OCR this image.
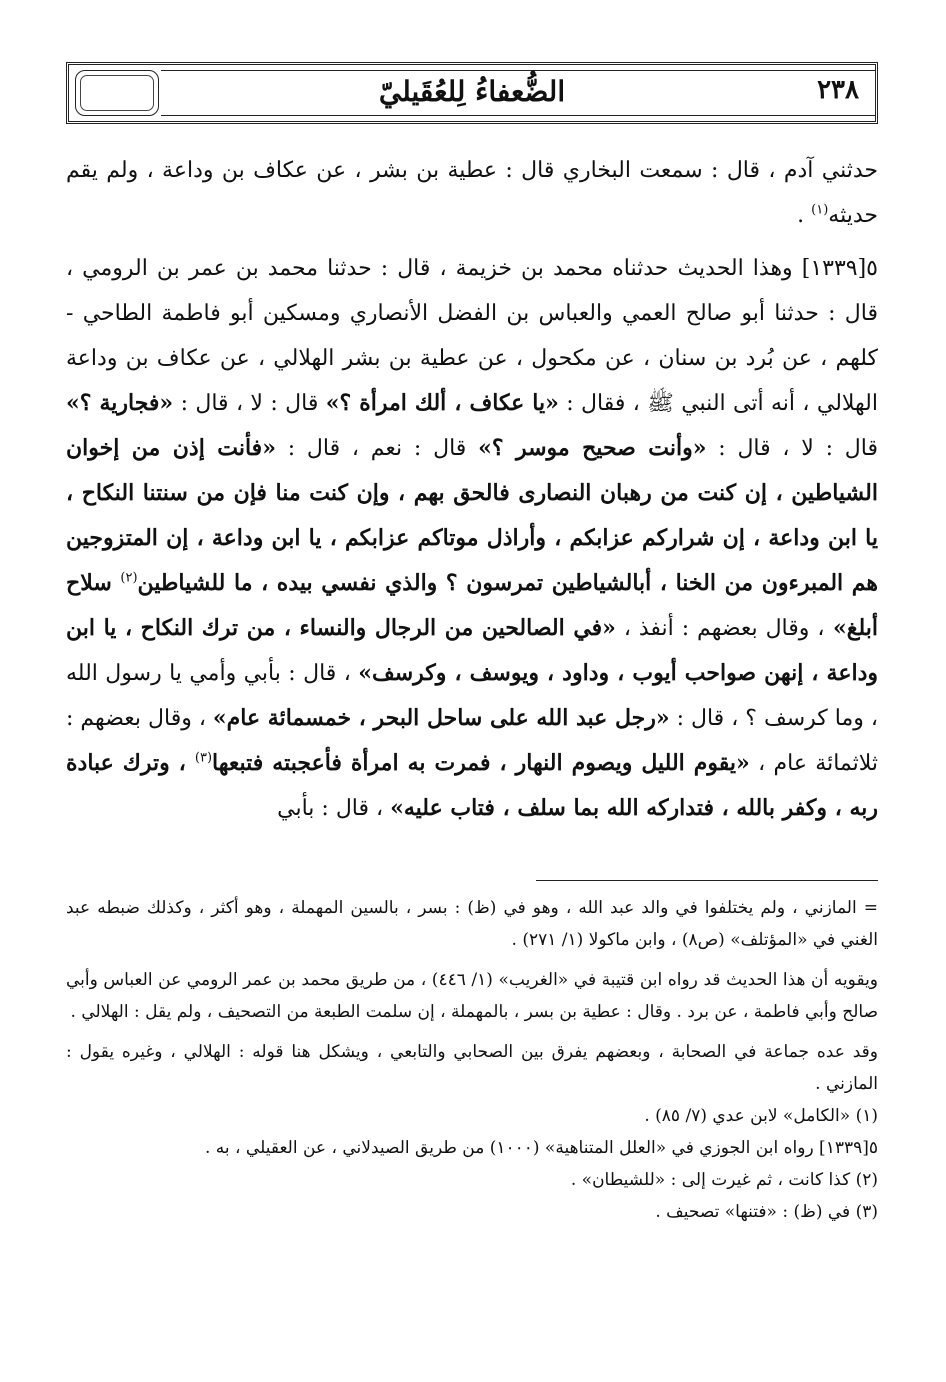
الضُّعفاءُ لِلعُقَيليّ	٢٣٨

حدثني آدم ، قال : سمعت البخاري قال : عطية بن بشر ، عن عكاف بن وداعة ، ولم يقم حديثه$^{(١)}$ .

٥[١٣٣٩] وهذا الحديث حدثناه محمد بن خزيمة ، قال : حدثنا محمد بن عمر بن الرومي ، قال : حدثنا أبو صالح العمي والعباس بن الفضل الأنصاري ومسكين أبو فاطمة الطاحي - كلهم ، عن بُرد بن سنان ، عن مكحول ، عن عطية بن بشر الهلالي ، عن عكاف بن وداعة الهلالي ، أنه أتى النبي ﷺ ، فقال : «يا عكاف ، ألك امرأة ؟» قال : لا ، قال : «فجارية ؟» قال : لا ، قال : «وأنت صحيح موسر ؟» قال : نعم ، قال : «فأنت إذن من إخوان الشياطين ، إن كنت من رهبان النصارى فالحق بهم ، وإن كنت منا فإن من سنتنا النكاح ، يا ابن وداعة ، إن شراركم عزابكم ، وأراذل موتاكم عزابكم ، يا ابن وداعة ، إن المتزوجين هم المبرءون من الخنا ، أبالشياطين تمرسون ؟ والذي نفسي بيده ، ما للشياطين$^{(٢)}$ سلاح أبلغ» ، وقال بعضهم : أنفذ ، «في الصالحين من الرجال والنساء ، من ترك النكاح ، يا ابن وداعة ، إنهن صواحب أيوب ، وداود ، ويوسف ، وكرسف» ، قال : بأبي وأمي يا رسول الله ، وما كرسف ؟ ، قال : «رجل عبد الله على ساحل البحر ، خمسمائة عام» ، وقال بعضهم : ثلاثمائة عام ، «يقوم الليل ويصوم النهار ، فمرت به امرأة فأعجبته فتبعها$^{(٣)}$ ، وترك عبادة ربه ، وكفر بالله ، فتداركه الله بما سلف ، فتاب عليه» ، قال : بأبي

= المازني ، ولم يختلفوا في والد عبد الله ، وهو في (ظ) : بسر ، بالسين المهملة ، وهو أكثر ، وكذلك ضبطه عبد الغني في «المؤتلف» (ص٨) ، وابن ماكولا (١/ ٢٧١) .

ويقويه أن هذا الحديث قد رواه ابن قتيبة في «الغريب» (١/ ٤٤٦) ، من طريق محمد بن عمر الرومي عن العباس وأبي صالح وأبي فاطمة ، عن برد . وقال : عطية بن بسر ، بالمهملة ، إن سلمت الطبعة من التصحيف ، ولم يقل : الهلالي .

وقد عده جماعة في الصحابة ، وبعضهم يفرق بين الصحابي والتابعي ، ويشكل هنا قوله : الهلالي ، وغيره يقول : المازني .

(١) «الكامل» لابن عدي (٧/ ٨٥) .

٥[١٣٣٩] رواه ابن الجوزي في «العلل المتناهية» (١٠٠٠) من طريق الصيدلاني ، عن العقيلي ، به .

(٢) كذا كانت ، ثم غيرت إلى : «للشيطان» .

(٣) في (ظ) : «فتنها» تصحيف .
